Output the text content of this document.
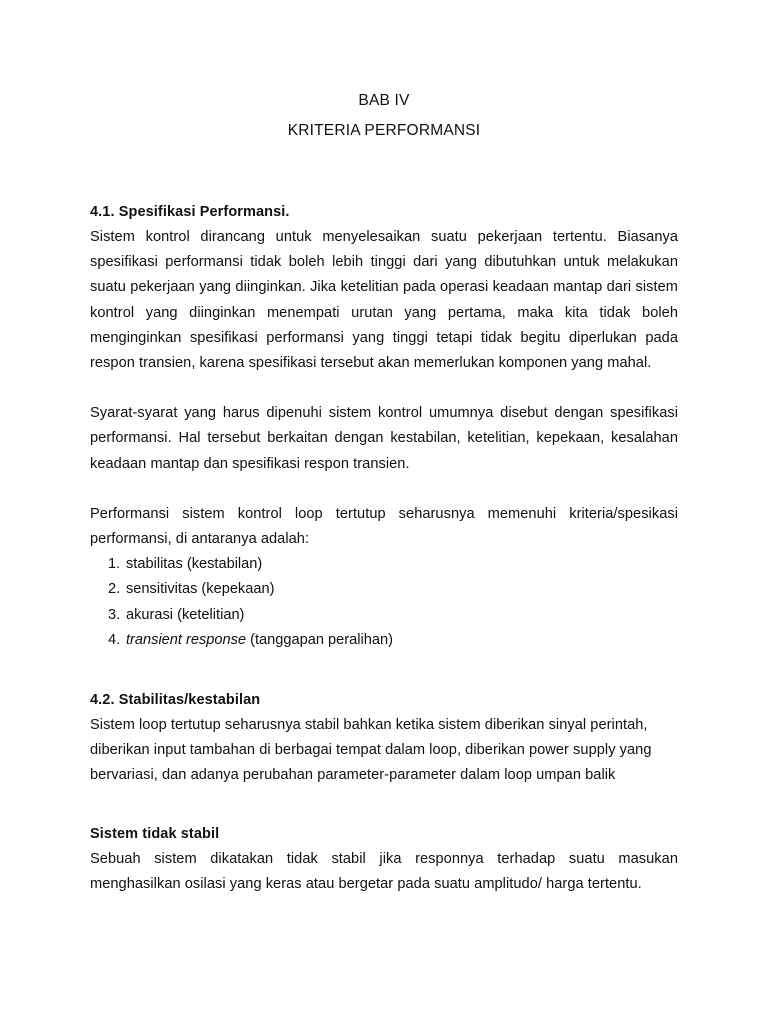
BAB IV
KRITERIA PERFORMANSI
4.1. Spesifikasi Performansi.

Sistem kontrol dirancang untuk menyelesaikan suatu pekerjaan tertentu. Biasanya spesifikasi performansi tidak boleh lebih tinggi dari yang dibutuhkan untuk melakukan suatu pekerjaan yang diinginkan. Jika ketelitian pada operasi keadaan mantap dari sistem kontrol yang diinginkan menempati urutan yang pertama, maka kita tidak boleh menginginkan spesifikasi performansi yang tinggi tetapi tidak begitu diperlukan pada respon transien, karena spesifikasi tersebut akan memerlukan komponen yang mahal.

Syarat-syarat yang harus dipenuhi sistem kontrol umumnya disebut dengan spesifikasi performansi. Hal tersebut berkaitan dengan kestabilan, ketelitian, kepekaan, kesalahan keadaan mantap dan spesifikasi respon transien.

Performansi sistem kontrol loop tertutup seharusnya memenuhi kriteria/spesikasi performansi, di antaranya adalah:

1. stabilitas (kestabilan)
2. sensitivitas (kepekaan)
3. akurasi (ketelitian)
4. transient response (tanggapan peralihan)
4.2. Stabilitas/kestabilan

Sistem loop tertutup seharusnya stabil bahkan ketika sistem diberikan sinyal perintah, diberikan input tambahan di berbagai tempat dalam loop, diberikan power supply yang bervariasi, dan adanya perubahan parameter-parameter dalam loop umpan balik

Sistem tidak stabil

Sebuah sistem dikatakan tidak stabil jika responnya terhadap suatu masukan menghasilkan osilasi yang keras atau bergetar pada suatu amplitudo/ harga tertentu.
